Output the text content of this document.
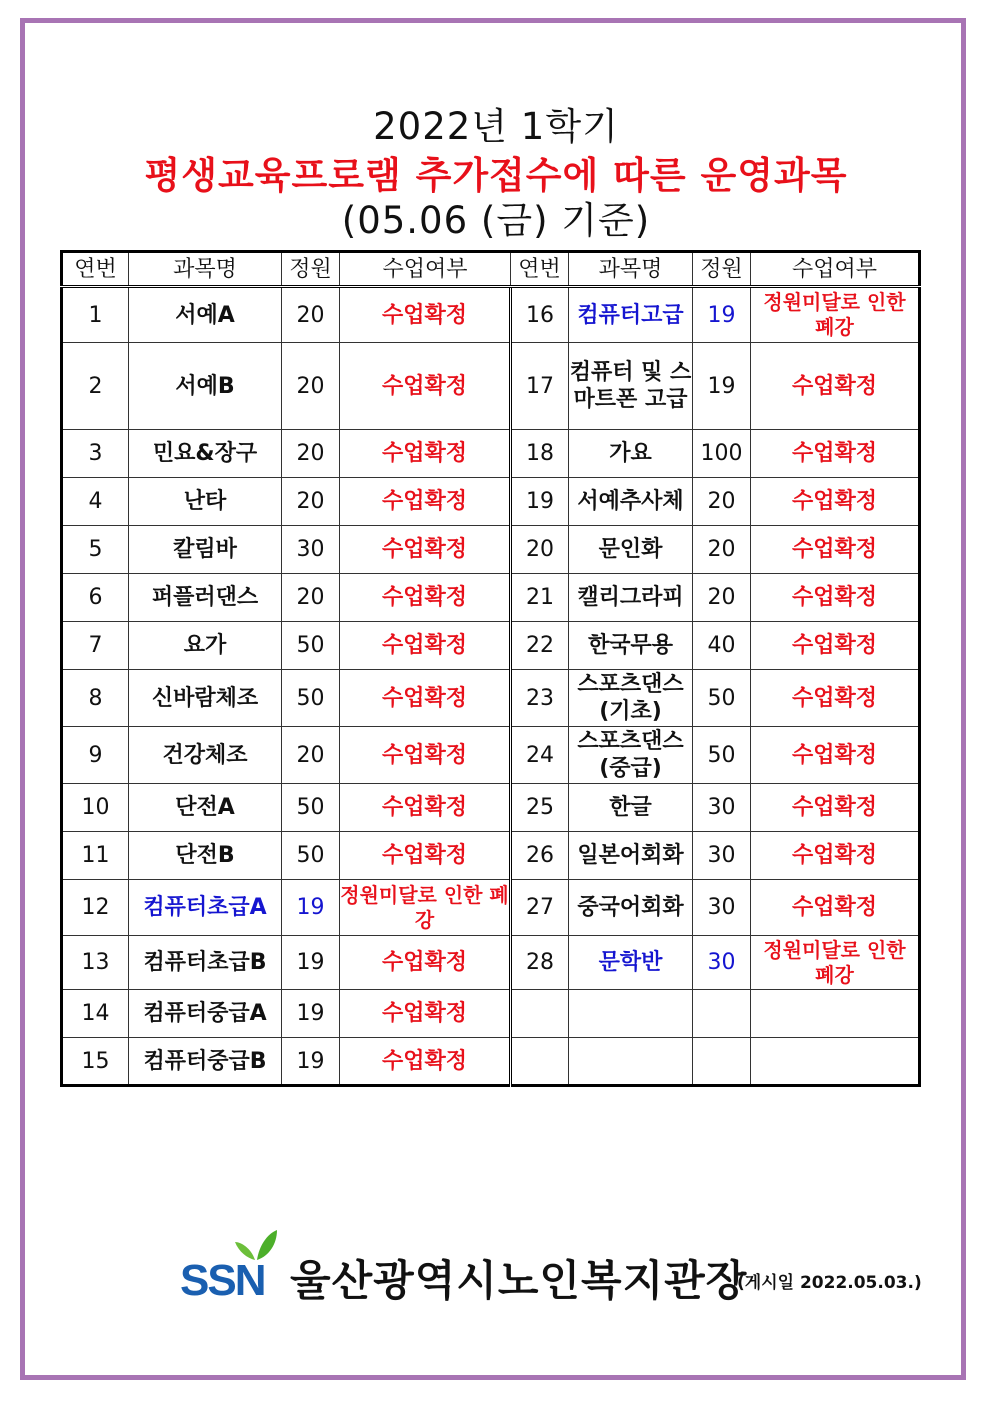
2022년 1학기
평생교육프로램 추가접수에 따른 운영과목
(05.06 (금) 기준)
연번	과목명	정원	수업여부	연번	과목명	정원	수업여부
1	서예A	20	수업확정	16	컴퓨터고급	19	정원미달로 인한 폐강
2	서예B	20	수업확정	17	컴퓨터 및 스마트폰 고급	19	수업확정
3	민요&장구	20	수업확정	18	가요	100	수업확정
4	난타	20	수업확정	19	서예추사체	20	수업확정
5	칼림바	30	수업확정	20	문인화	20	수업확정
6	퍼플러댄스	20	수업확정	21	캘리그라피	20	수업확정
7	요가	50	수업확정	22	한국무용	40	수업확정
8	신바람체조	50	수업확정	23	스포츠댄스 (기초)	50	수업확정
9	건강체조	20	수업확정	24	스포츠댄스 (중급)	50	수업확정
10	단전A	50	수업확정	25	한글	30	수업확정
11	단전B	50	수업확정	26	일본어회화	30	수업확정
12	컴퓨터초급A	19	정원미달로 인한 폐강	27	중국어회화	30	수업확정
13	컴퓨터초급B	19	수업확정	28	문학반	30	정원미달로 인한 폐강
14	컴퓨터중급A	19	수업확정				
15	컴퓨터중급B	19	수업확정				
SSN 울산광역시노인복지관장
(게시일 2022.05.03.)
